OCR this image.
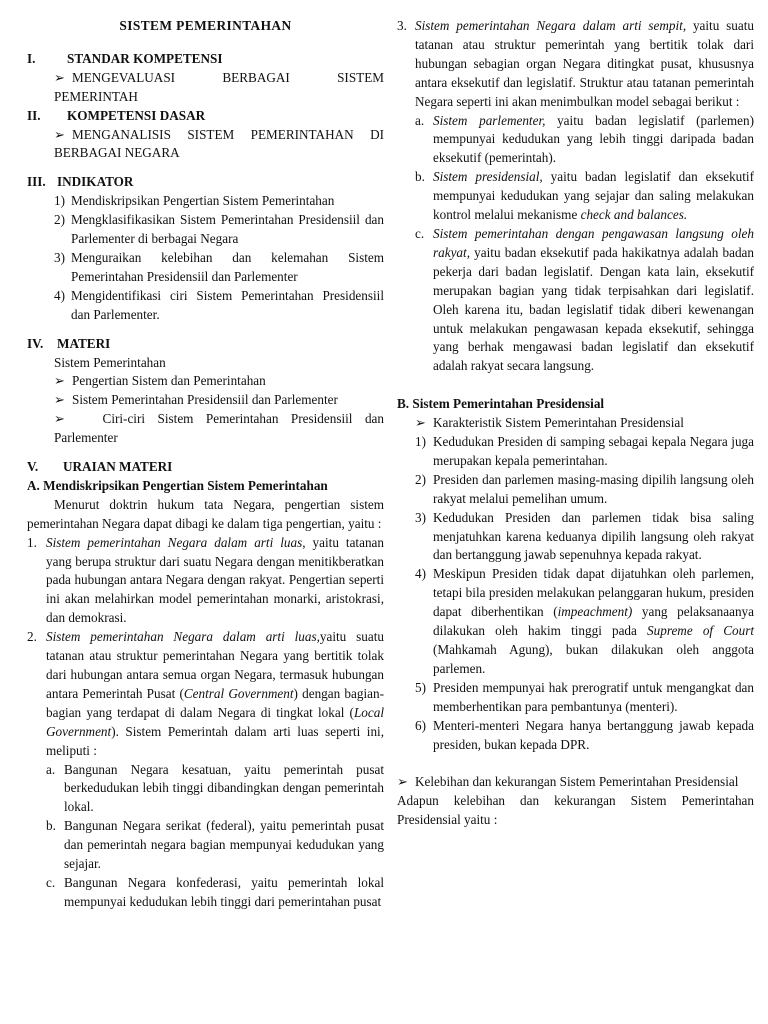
SISTEM PEMERINTAHAN
I.	STANDAR KOMPETENSI
➢ MENGEVALUASI BERBAGAI SISTEM
PEMERINTAH
II.	KOMPETENSI DASAR
➢ MENGANALISIS SISTEM PEMERINTAHAN DI
BERBAGAI NEGARA
III. INDIKATOR
1) Mendiskripsikan Pengertian Sistem Pemerintahan
2) Mengklasifikasikan Sistem Pemerintahan Presidensiil dan Parlementer di berbagai Negara
3) Menguraikan kelebihan dan kelemahan Sistem Pemerintahan Presidensiil dan Parlementer
4) Mengidentifikasi ciri Sistem Pemerintahan Presidensiil dan Parlementer.
IV.	MATERI
Sistem Pemerintahan
➢ Pengertian Sistem dan Pemerintahan
➢ Sistem Pemerintahan Presidensiil dan Parlementer
➢	Ciri-ciri Sistem Pemerintahan Presidensiil dan Parlementer
V.	URAIAN MATERI
A. Mendiskripsikan Pengertian Sistem Pemerintahan
Menurut doktrin hukum tata Negara, pengertian sistem pemerintahan Negara dapat dibagi ke dalam tiga pengertian, yaitu :
1. Sistem pemerintahan Negara dalam arti luas, yaitu tatanan yang berupa struktur dari suatu Negara dengan menitikberatkan pada hubungan antara Negara dengan rakyat. Pengertian seperti ini akan melahirkan model pemerintahan monarki, aristokrasi, dan demokrasi.
2. Sistem pemerintahan Negara dalam arti luas,yaitu suatu tatanan atau struktur pemerintahan Negara yang bertitik tolak dari hubungan antara semua organ Negara, termasuk hubungan antara Pemerintah Pusat (Central Government) dengan bagian-bagian yang terdapat di dalam Negara di tingkat lokal (Local Government). Sistem Pemerintah dalam arti luas seperti ini, meliputi :
a. Bangunan Negara kesatuan, yaitu pemerintah pusat berkedudukan lebih tinggi dibandingkan dengan pemerintah lokal.
b. Bangunan Negara serikat (federal), yaitu pemerintah pusat dan pemerintah negara bagian mempunyai kedudukan yang sejajar.
c. Bangunan Negara konfederasi, yaitu pemerintah lokal mempunyai kedudukan lebih tinggi dari pemerintahan pusat
3. Sistem pemerintahan Negara dalam arti sempit, yaitu suatu tatanan atau struktur pemerintah yang bertitik tolak dari hubungan sebagian organ Negara ditingkat pusat, khususnya antara eksekutif dan legislatif. Struktur atau tatanan pemerintah Negara seperti ini akan menimbulkan model sebagai berikut :
a. Sistem parlementer, yaitu badan legislatif (parlemen) mempunyai kedudukan yang lebih tinggi daripada badan eksekutif (pemerintah).
b. Sistem presidensial, yaitu badan legislatif dan eksekutif mempunyai kedudukan yang sejajar dan saling melakukan kontrol melalui mekanisme check and balances.
c. Sistem pemerintahan dengan pengawasan langsung oleh rakyat, yaitu badan eksekutif pada hakikatnya adalah badan pekerja dari badan legislatif. Dengan kata lain, eksekutif merupakan bagian yang tidak terpisahkan dari legislatif. Oleh karena itu, badan legislatif tidak diberi kewenangan untuk melakukan pengawasan kepada eksekutif, sehingga yang berhak mengawasi badan legislatif dan eksekutif adalah rakyat secara langsung.
B. Sistem Pemerintahan Presidensial
➢ Karakteristik Sistem Pemerintahan Presidensial
1) Kedudukan Presiden di samping sebagai kepala Negara juga merupakan kepala pemerintahan.
2) Presiden dan parlemen masing-masing dipilih langsung oleh rakyat melalui pemelihan umum.
3) Kedudukan Presiden dan parlemen tidak bisa saling menjatuhkan karena keduanya dipilih langsung oleh rakyat dan bertanggung jawab sepenuhnya kepada rakyat.
4) Meskipun Presiden tidak dapat dijatuhkan oleh parlemen, tetapi bila presiden melakukan pelanggaran hukum, presiden dapat diberhentikan (impeachment) yang pelaksanaanya dilakukan oleh hakim tinggi pada Supreme of Court (Mahkamah Agung), bukan dilakukan oleh anggota parlemen.
5) Presiden mempunyai hak prerogratif untuk mengangkat dan memberhentikan para pembantunya (menteri).
6) Menteri-menteri Negara hanya bertanggung jawab kepada presiden, bukan kepada DPR.
➢ Kelebihan dan kekurangan Sistem Pemerintahan Presidensial
Adapun kelebihan dan kekurangan Sistem Pemerintahan Presidensial yaitu :
